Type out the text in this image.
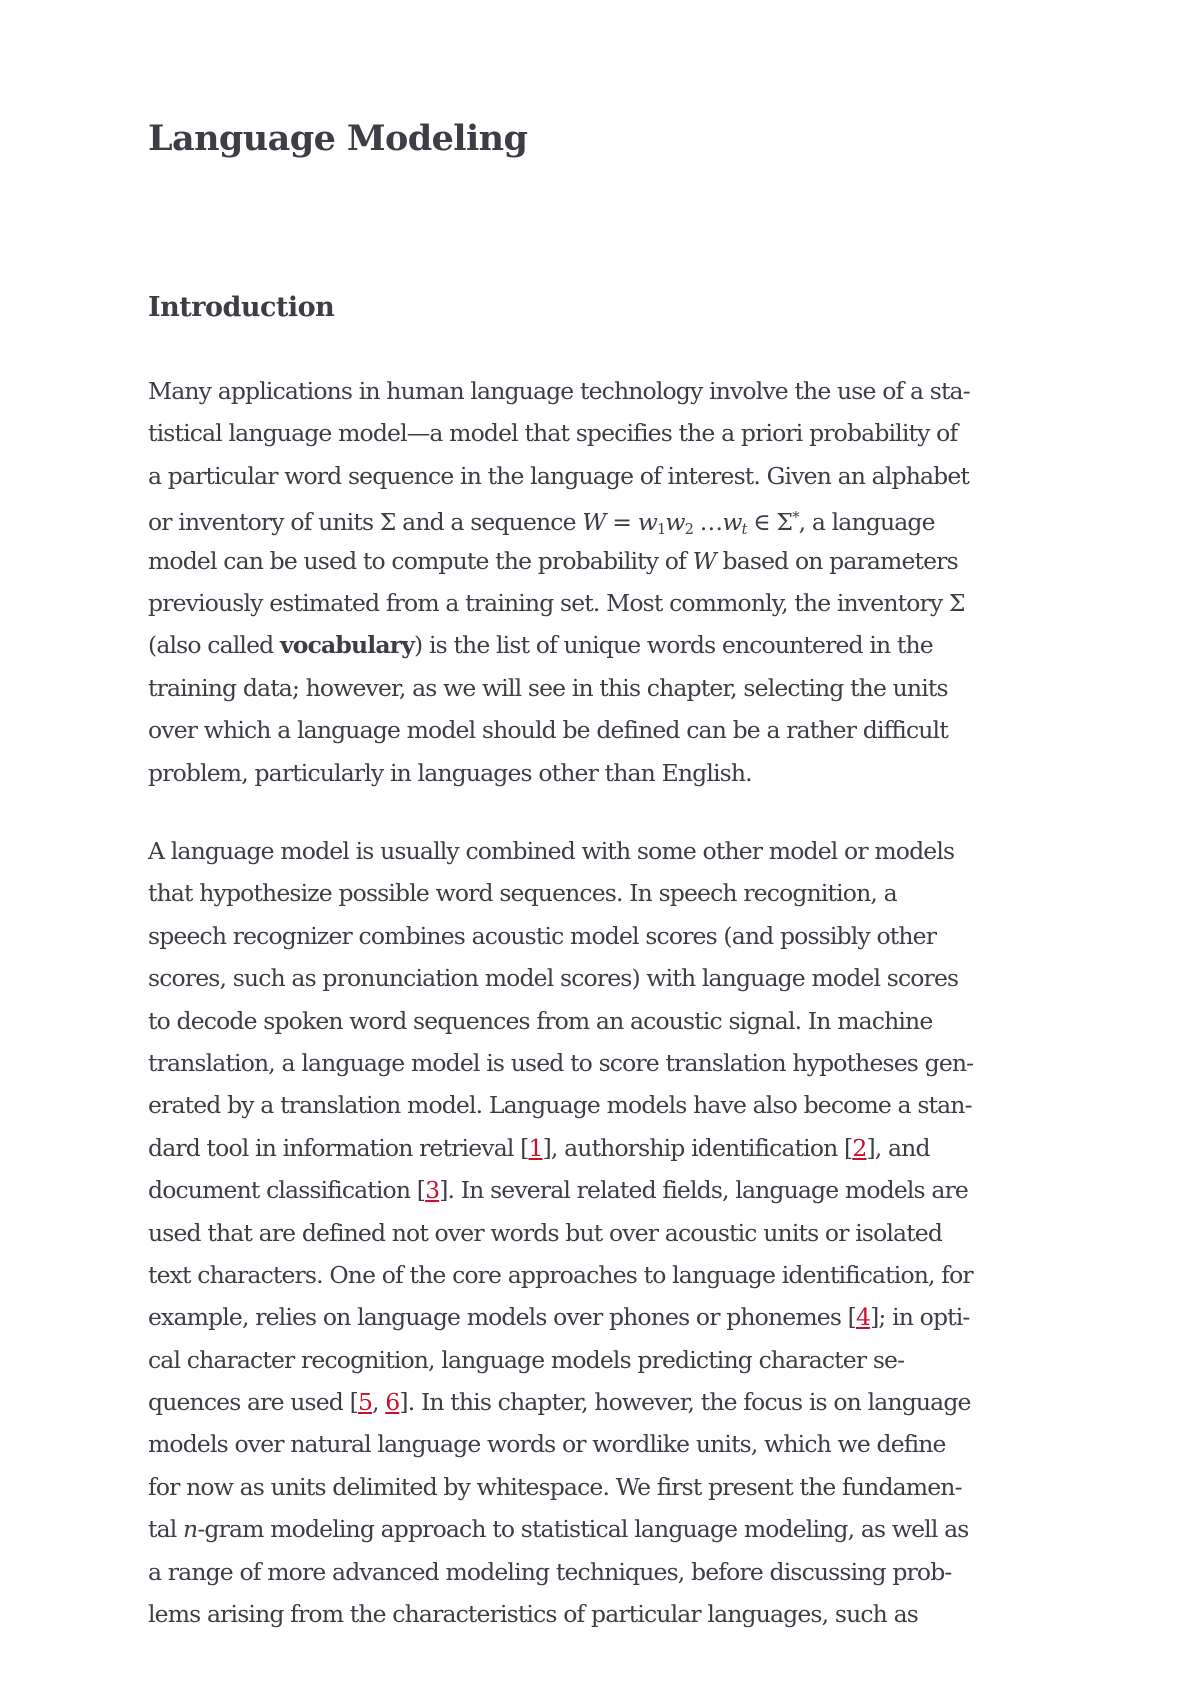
Language Modeling
Introduction
Many applications in human language technology involve the use of a sta-
tistical language model—a model that specifies the a priori probability of
a particular word sequence in the language of interest. Given an alphabet
or inventory of units Σ and a sequence W = w1w2 $\dots w_t$ ∈ Σ*, a language
model can be used to compute the probability of W based on parameters
previously estimated from a training set. Most commonly, the inventory Σ
(also called vocabulary) is the list of unique words encountered in the
training data; however, as we will see in this chapter, selecting the units
over which a language model should be defined can be a rather difficult
problem, particularly in languages other than English.
A language model is usually combined with some other model or models
that hypothesize possible word sequences. In speech recognition, a
speech recognizer combines acoustic model scores (and possibly other
scores, such as pronunciation model scores) with language model scores
to decode spoken word sequences from an acoustic signal. In machine
translation, a language model is used to score translation hypotheses gen-
erated by a translation model. Language models have also become a stan-
dard tool in information retrieval [1], authorship identification [2], and
document classification [3]. In several related fields, language models are
used that are defined not over words but over acoustic units or isolated
text characters. One of the core approaches to language identification, for
example, relies on language models over phones or phonemes [4]; in opti-
cal character recognition, language models predicting character se-
quences are used [5, 6]. In this chapter, however, the focus is on language
models over natural language words or wordlike units, which we define
for now as units delimited by whitespace. We first present the fundamen-
tal n-gram modeling approach to statistical language modeling, as well as
a range of more advanced modeling techniques, before discussing prob-
lems arising from the characteristics of particular languages, such as
